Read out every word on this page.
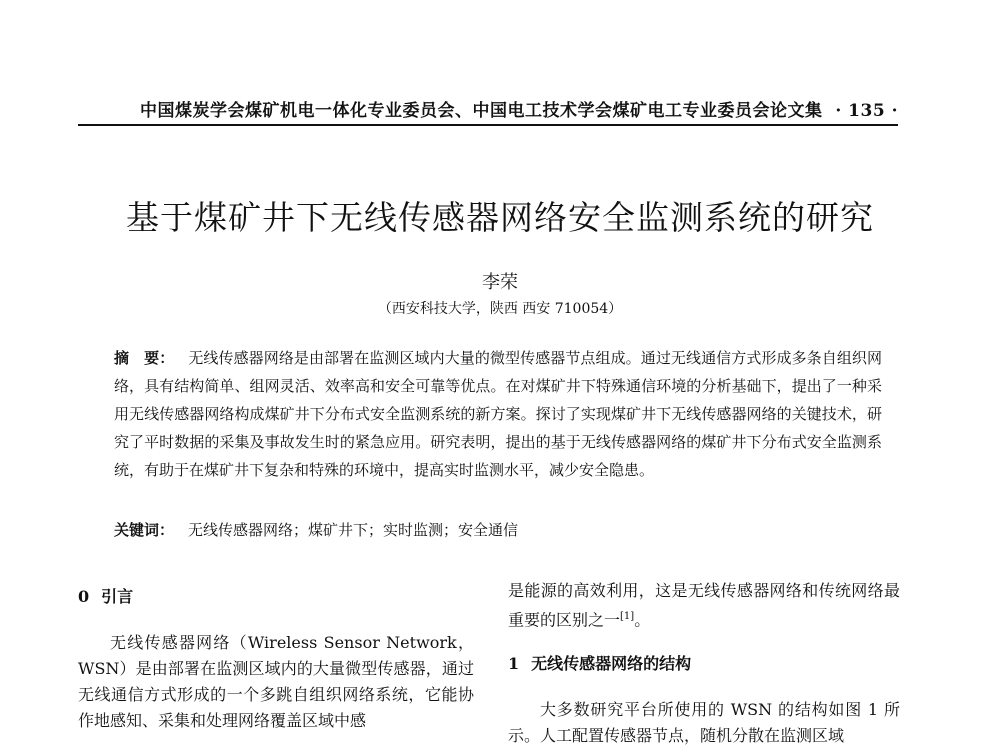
中国煤炭学会煤矿机电一体化专业委员会、中国电工技术学会煤矿电工专业委员会论文集 · 135 ·
基于煤矿井下无线传感器网络安全监测系统的研究
李荣
（西安科技大学，陕西 西安 710054）
摘　要： 无线传感器网络是由部署在监测区域内大量的微型传感器节点组成。通过无线通信方式形成多条自组织网络，具有结构简单、组网灵活、效率高和安全可靠等优点。在对煤矿井下特殊通信环境的分析基础下，提出了一种采用无线传感器网络构成煤矿井下分布式安全监测系统的新方案。探讨了实现煤矿井下无线传感器网络的关键技术，研究了平时数据的采集及事故发生时的紧急应用。研究表明，提出的基于无线传感器网络的煤矿井下分布式安全监测系统，有助于在煤矿井下复杂和特殊的环境中，提高实时监测水平，减少安全隐患。
关键词： 无线传感器网络；煤矿井下；实时监测；安全通信
0 引言

无线传感器网络（Wireless Sensor Network，WSN）是由部署在监测区域内的大量微型传感器，通过无线通信方式形成的一个多跳自组织网络系统，它能协作地感知、采集和处理网络覆盖区域中感

是能源的高效利用，这是无线传感器网络和传统网络最重要的区别之一[1]。

1 无线传感器网络的结构

大多数研究平台所使用的 WSN 的结构如图 1 所示。人工配置传感器节点，随机分散在监测区域
